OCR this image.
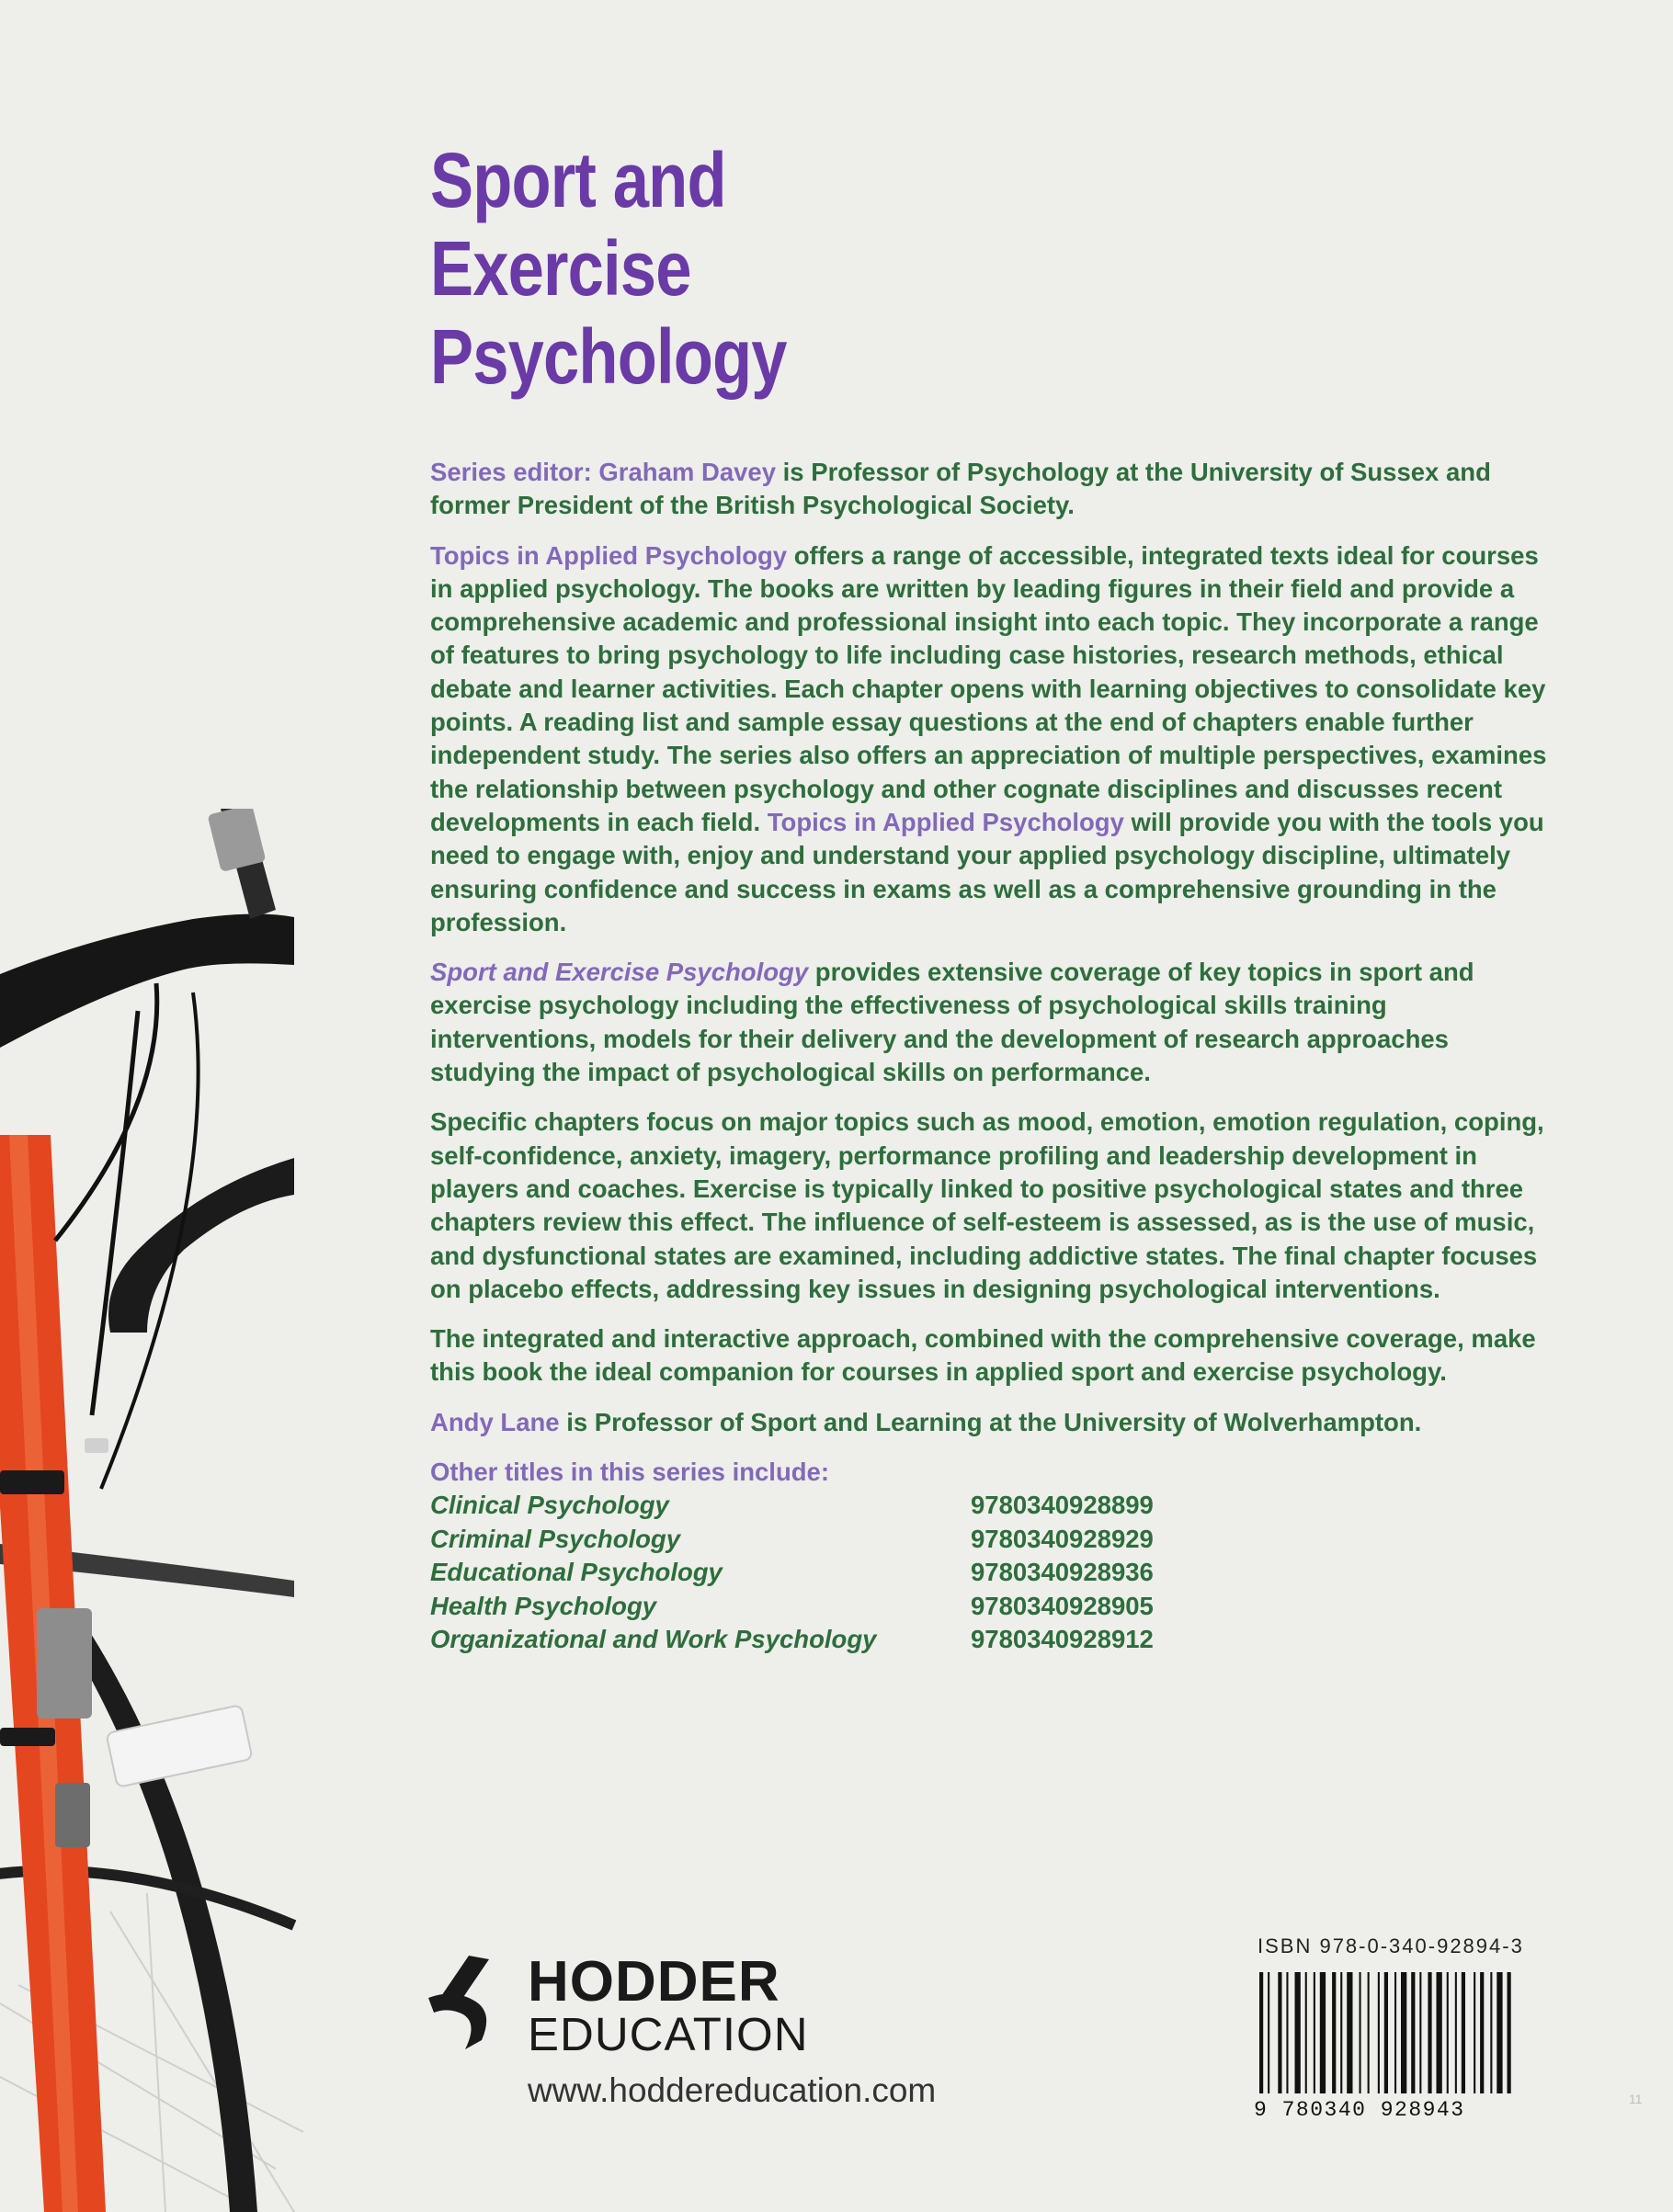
Sport and
Exercise
Psychology

Series editor: Graham Davey is Professor of Psychology at the University of Sussex and former President of the British Psychological Society.

Topics in Applied Psychology offers a range of accessible, integrated texts ideal for courses in applied psychology. The books are written by leading figures in their field and provide a comprehensive academic and professional insight into each topic. They incorporate a range of features to bring psychology to life including case histories, research methods, ethical debate and learner activities. Each chapter opens with learning objectives to consolidate key points. A reading list and sample essay questions at the end of chapters enable further independent study. The series also offers an appreciation of multiple perspectives, examines the relationship between psychology and other cognate disciplines and discusses recent developments in each field. Topics in Applied Psychology will provide you with the tools you need to engage with, enjoy and understand your applied psychology discipline, ultimately ensuring confidence and success in exams as well as a comprehensive grounding in the profession.

Sport and Exercise Psychology provides extensive coverage of key topics in sport and exercise psychology including the effectiveness of psychological skills training interventions, models for their delivery and the development of research approaches studying the impact of psychological skills on performance.

Specific chapters focus on major topics such as mood, emotion, emotion regulation, coping, self-confidence, anxiety, imagery, performance profiling and leadership development in players and coaches. Exercise is typically linked to positive psychological states and three chapters review this effect. The influence of self-esteem is assessed, as is the use of music, and dysfunctional states are examined, including addictive states. The final chapter focuses on placebo effects, addressing key issues in designing psychological interventions.

The integrated and interactive approach, combined with the comprehensive coverage, make this book the ideal companion for courses in applied sport and exercise psychology.

Andy Lane is Professor of Sport and Learning at the University of Wolverhampton.

Other titles in this series include:
Clinical Psychology	9780340928899
Criminal Psychology	9780340928929
Educational Psychology	9780340928936
Health Psychology	9780340928905
Organizational and Work Psychology	9780340928912
HODDER
EDUCATION
www.hoddereducation.com
ISBN 978-0-340-92894-3
9 780340 928943	11
